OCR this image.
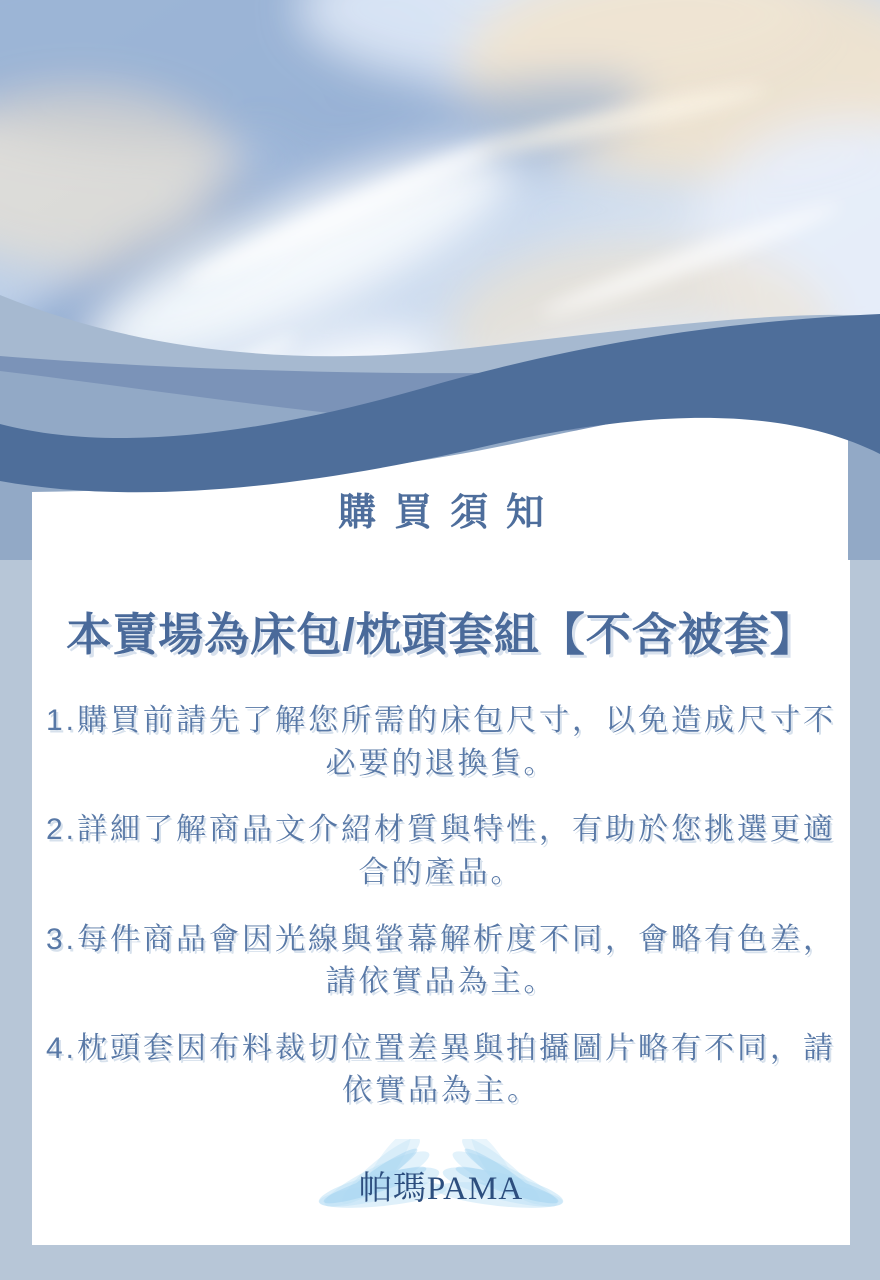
購買須知
本賣場為床包/枕頭套組【不含被套】

1.購買前請先了解您所需的床包尺寸，以免造成尺寸不必要的退換貨。

2.詳細了解商品文介紹材質與特性，有助於您挑選更適合的產品。

3.每件商品會因光線與螢幕解析度不同，會略有色差，請依實品為主。

4.枕頭套因布料裁切位置差異與拍攝圖片略有不同，請依實品為主。

帕瑪PAMA
